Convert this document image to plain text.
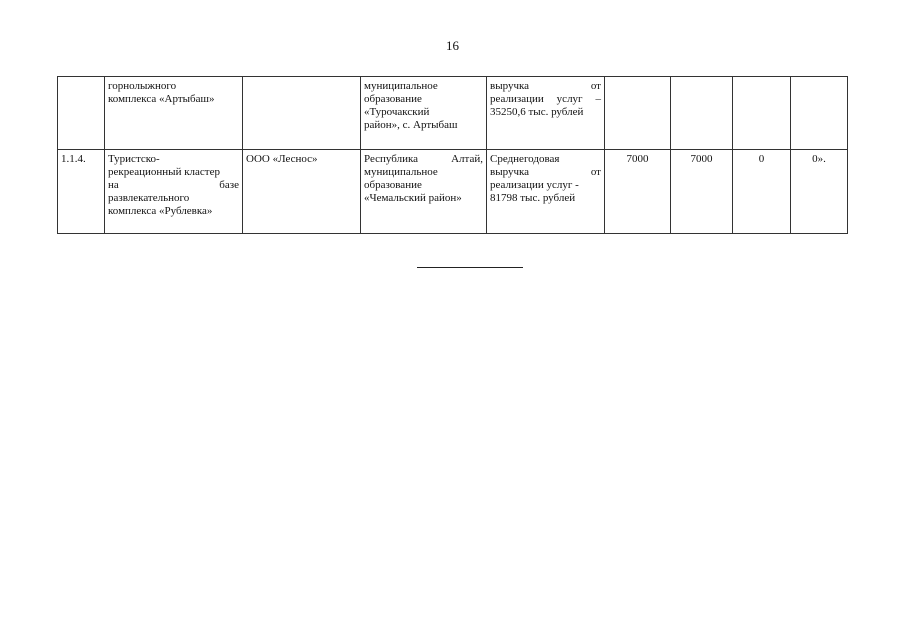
16

	горнолыжного
комплекса «Артыбаш»		муниципальное
образование
«Турочакский
район», с. Артыбаш	выручка от
реализации услуг –
35250,6 тыс. рублей				

1.1.4.	Туристско-
рекреационный кластер
на базе
развлекательного
комплекса «Рублевка»	ООО «Леснос»	Республика Алтай,
муниципальное
образование
«Чемальский район»	Среднегодовая
выручка от
реализации услуг -
81798 тыс. рублей	7000	7000	0	0».
